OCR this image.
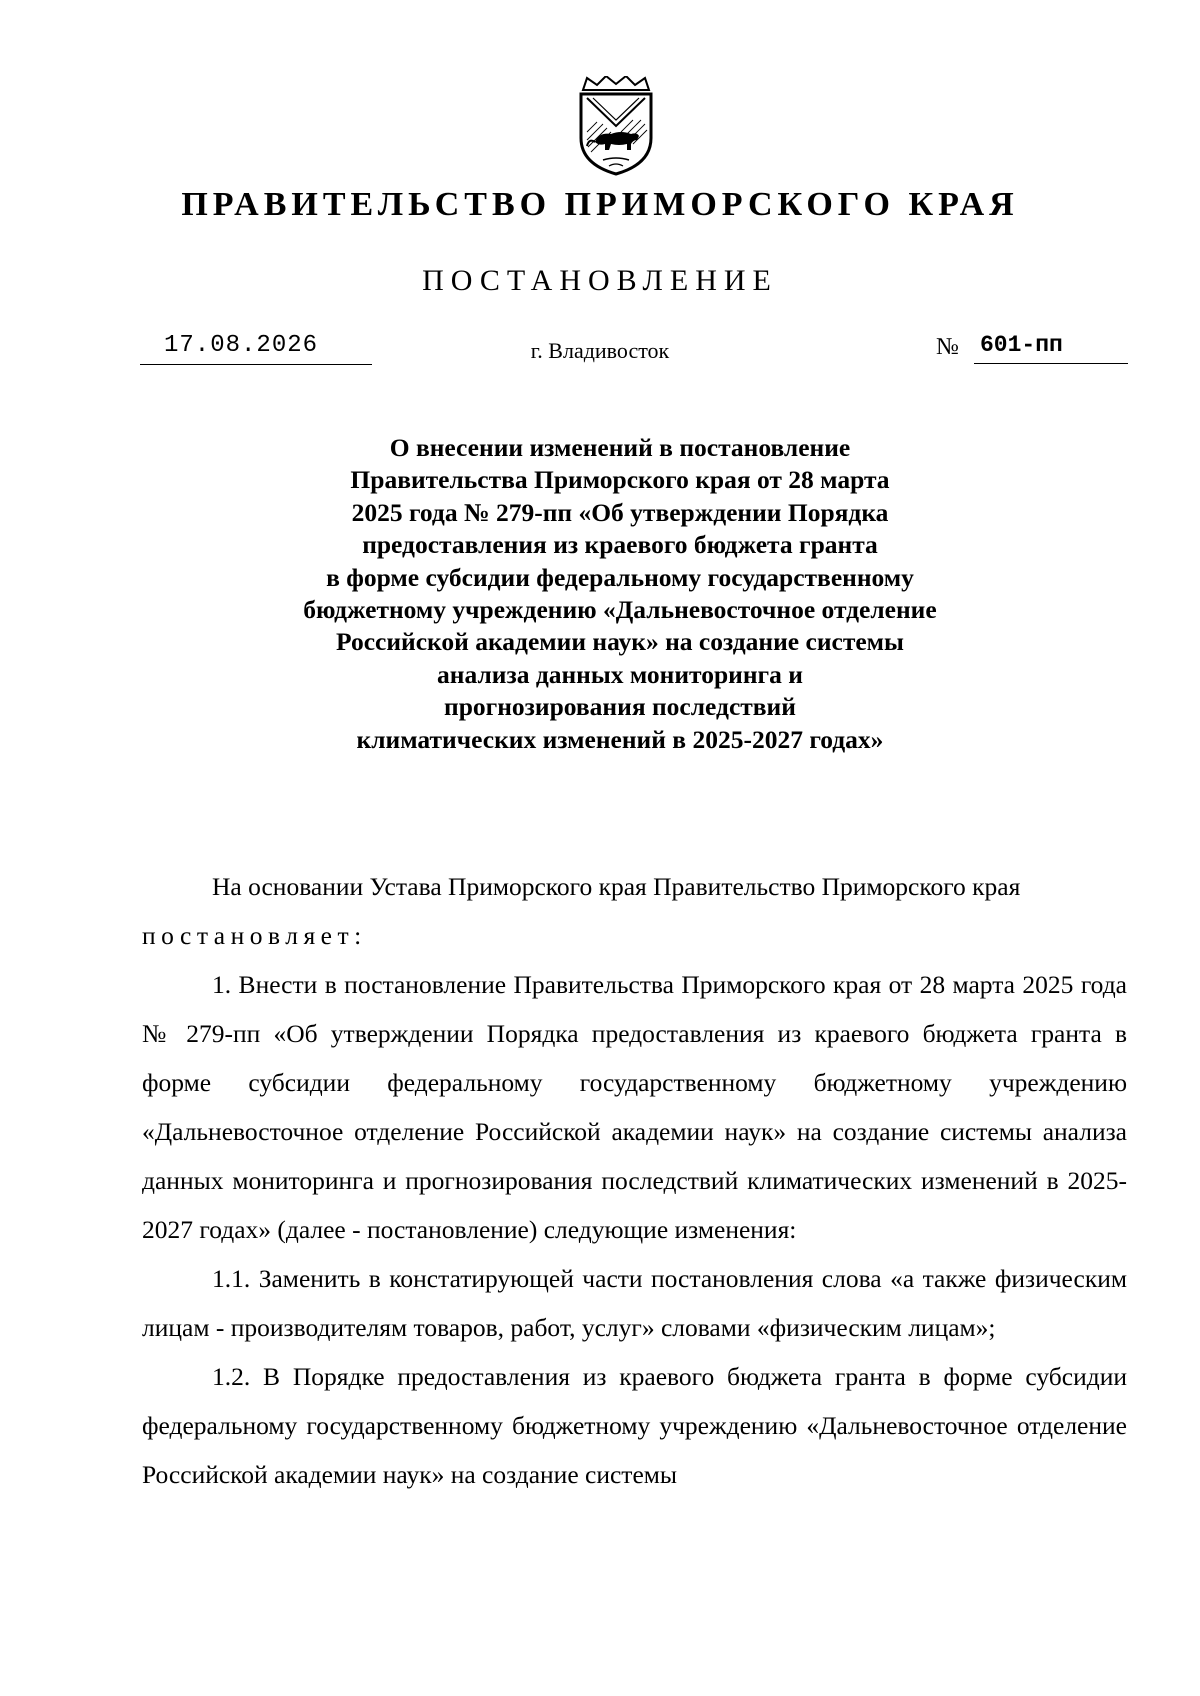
ПРАВИТЕЛЬСТВО ПРИМОРСКОГО КРАЯ
ПОСТАНОВЛЕНИЕ
17.08.2026	г. Владивосток	№ 601-пп
О внесении изменений в постановление
Правительства Приморского края от 28 марта
2025 года № 279-пп «Об утверждении Порядка
предоставления из краевого бюджета гранта
в форме субсидии федеральному государственному
бюджетному учреждению «Дальневосточное отделение
Российской академии наук» на создание системы
анализа данных мониторинга и
прогнозирования последствий
климатических изменений в 2025-2027 годах»

На основании Устава Приморского края Правительство Приморского края

постановляет:

1. Внести в постановление Правительства Приморского края от 28 марта 2025 года № 279-пп «Об утверждении Порядка предоставления из краевого бюджета гранта в форме субсидии федеральному государственному бюджетному учреждению «Дальневосточное отделение Российской академии наук» на создание системы анализа данных мониторинга и прогнозирования последствий климатических изменений в 2025-2027 годах» (далее - постановление) следующие изменения:

1.1. Заменить в констатирующей части постановления слова «а также физическим лицам - производителям товаров, работ, услуг» словами «физическим лицам»;

1.2. В Порядке предоставления из краевого бюджета гранта в форме субсидии федеральному государственному бюджетному учреждению «Дальневосточное отделение Российской академии наук» на создание системы
